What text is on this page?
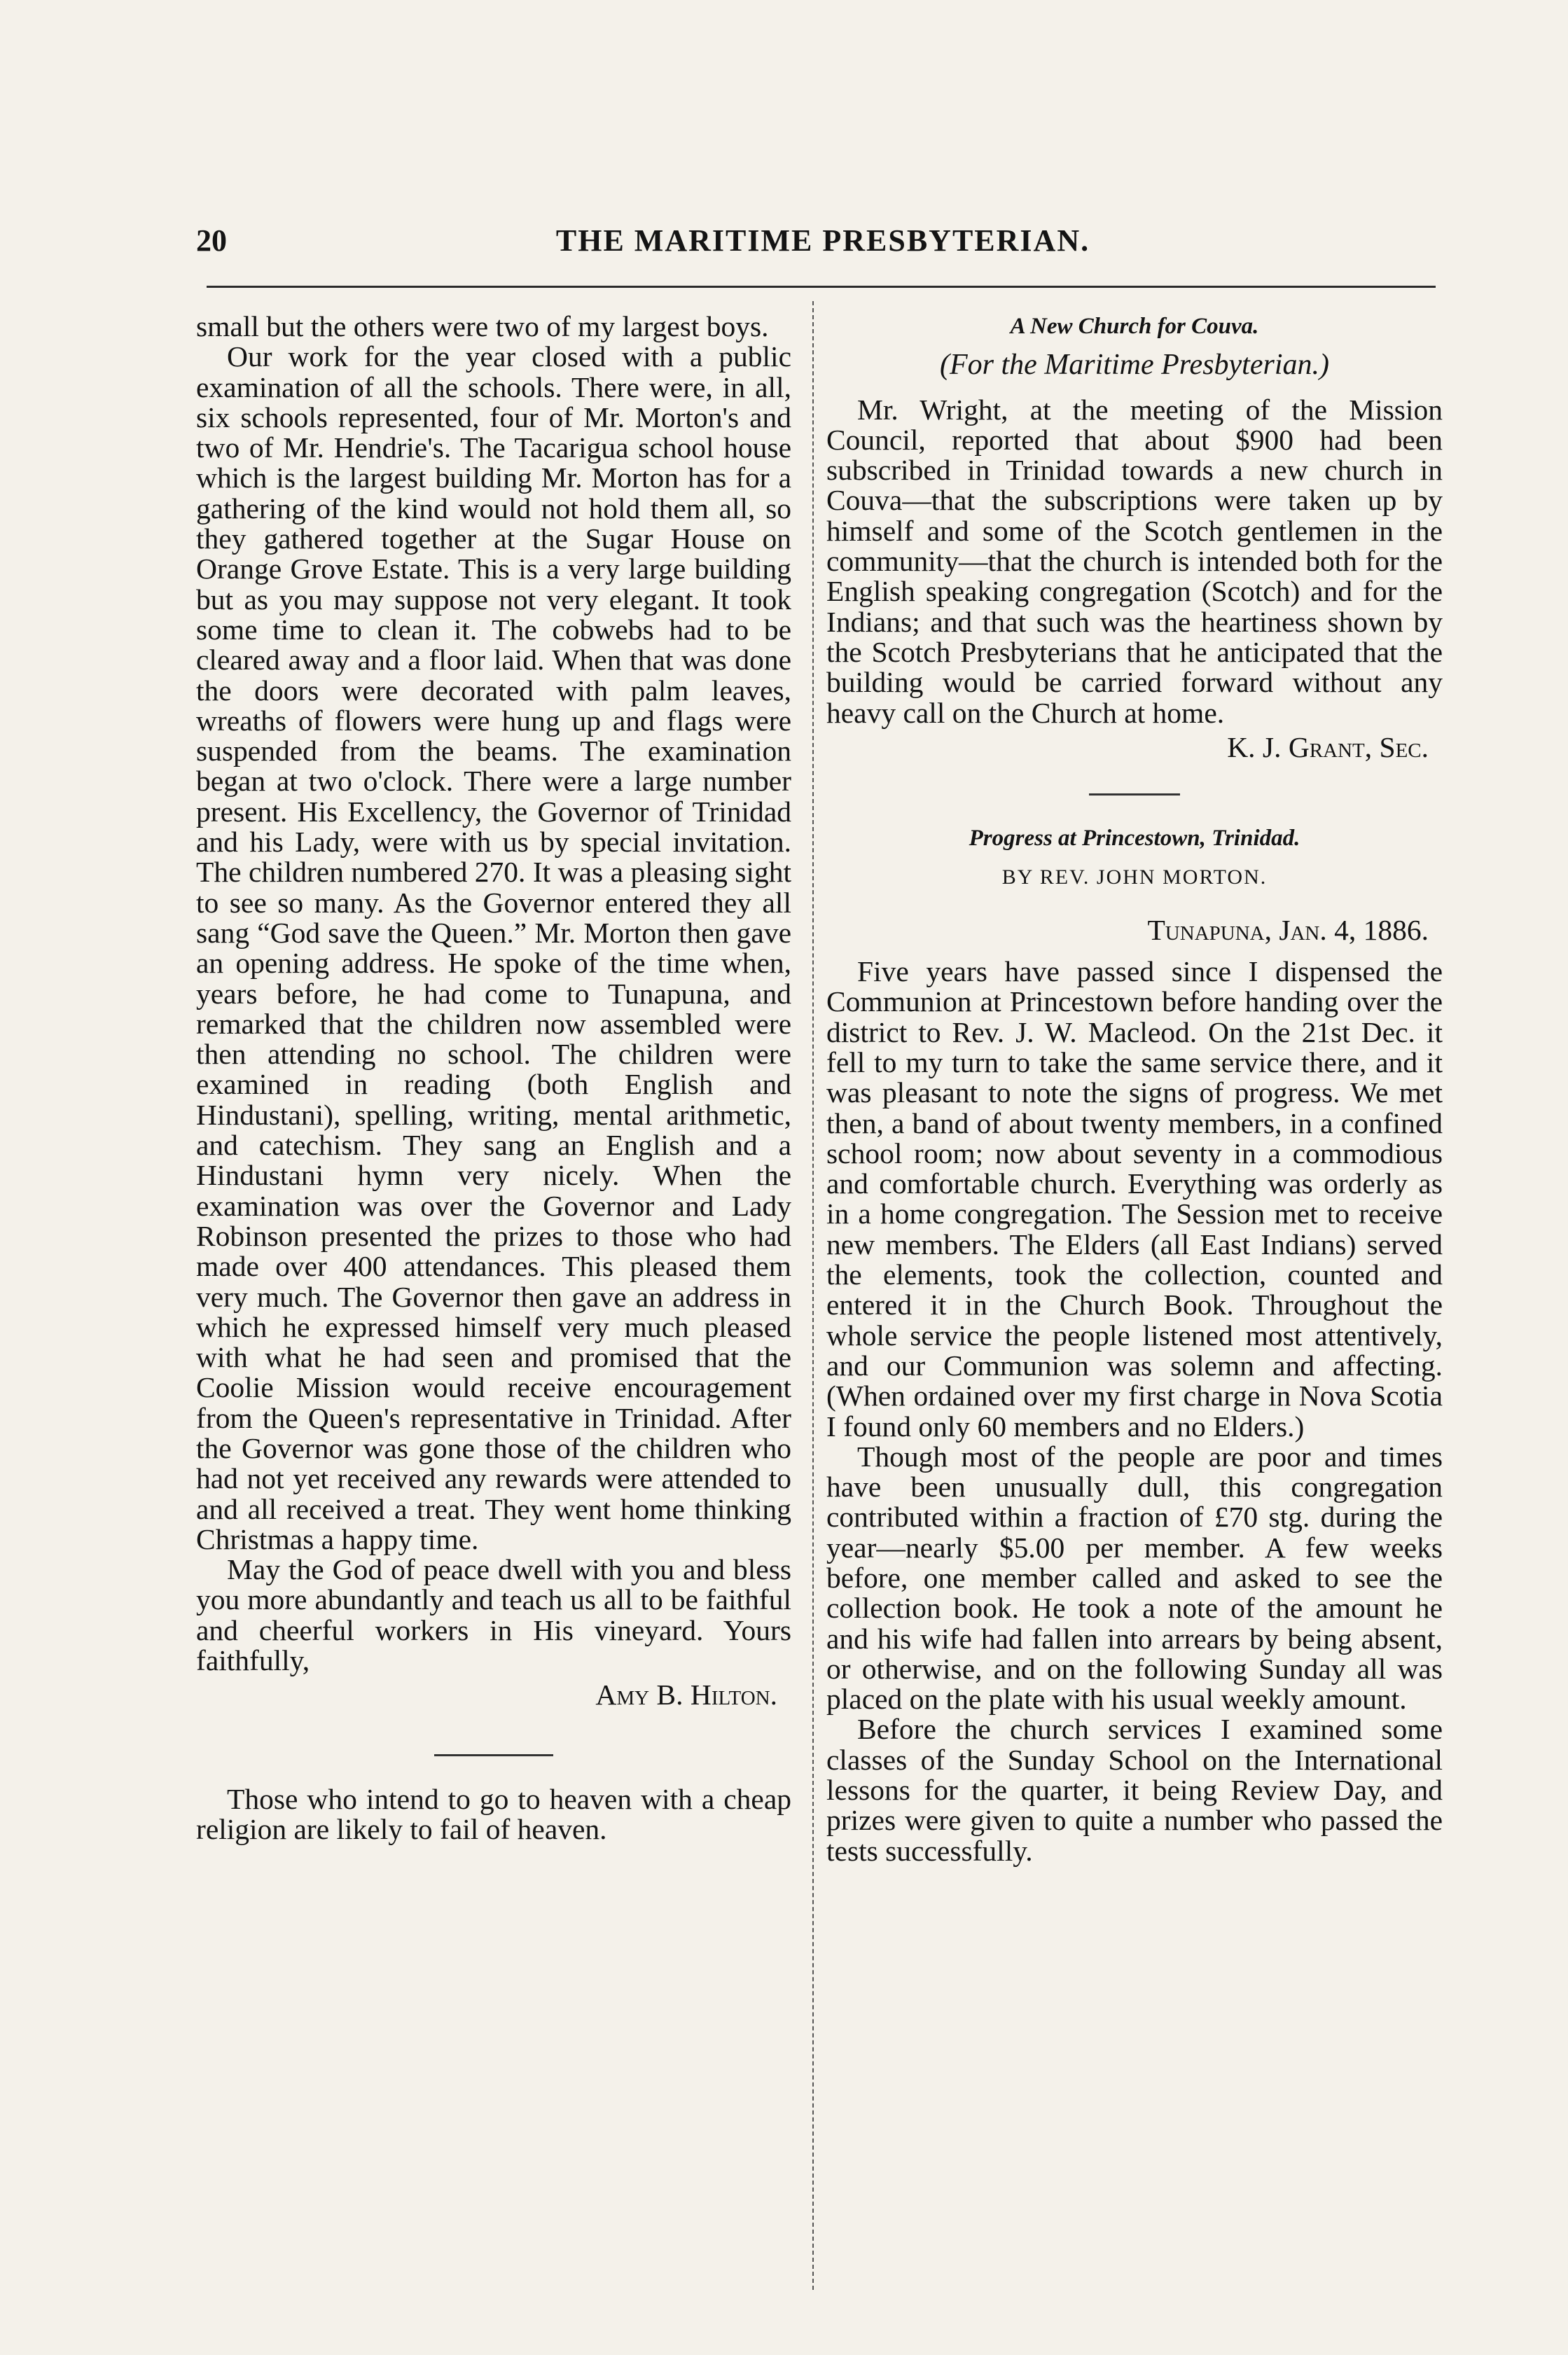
20	THE MARITIME PRESBYTERIAN.

small but the others were two of my largest boys.

Our work for the year closed with a public examination of all the schools. There were, in all, six schools represented, four of Mr. Morton's and two of Mr. Hendrie's. The Tacarigua school house which is the largest building Mr. Morton has for a gathering of the kind would not hold them all, so they gathered together at the Sugar House on Orange Grove Estate. This is a very large building but as you may suppose not very elegant. It took some time to clean it. The cobwebs had to be cleared away and a floor laid. When that was done the doors were decorated with palm leaves, wreaths of flowers were hung up and flags were suspended from the beams. The examination began at two o'clock. There were a large number present. His Excellency, the Governor of Trinidad and his Lady, were with us by special invitation. The children numbered 270. It was a pleasing sight to see so many. As the Governor entered they all sang “God save the Queen.” Mr. Morton then gave an opening address. He spoke of the time when, years before, he had come to Tunapuna, and remarked that the children now assembled were then attending no school. The children were examined in reading (both English and Hindustani), spelling, writing, mental arithmetic, and catechism. They sang an English and a Hindustani hymn very nicely. When the examination was over the Governor and Lady Robinson presented the prizes to those who had made over 400 attendances. This pleased them very much. The Governor then gave an address in which he expressed himself very much pleased with what he had seen and promised that the Coolie Mission would receive encouragement from the Queen's representative in Trinidad. After the Governor was gone those of the children who had not yet received any rewards were attended to and all received a treat. They went home thinking Christmas a happy time.

May the God of peace dwell with you and bless you more abundantly and teach us all to be faithful and cheerful workers in His vineyard. Yours faithfully,

Amy B. Hilton.

Those who intend to go to heaven with a cheap religion are likely to fail of heaven.

A New Church for Couva.

(For the Maritime Presbyterian.)

Mr. Wright, at the meeting of the Mission Council, reported that about $900 had been subscribed in Trinidad towards a new church in Couva—that the subscriptions were taken up by himself and some of the Scotch gentlemen in the community—that the church is intended both for the English speaking congregation (Scotch) and for the Indians; and that such was the heartiness shown by the Scotch Presbyterians that he anticipated that the building would be carried forward without any heavy call on the Church at home.

K. J. Grant, Sec.

Progress at Princestown, Trinidad.

BY REV. JOHN MORTON.

Tunapuna, Jan. 4, 1886.

Five years have passed since I dispensed the Communion at Princestown before handing over the district to Rev. J. W. Macleod. On the 21st Dec. it fell to my turn to take the same service there, and it was pleasant to note the signs of progress. We met then, a band of about twenty members, in a confined school room; now about seventy in a commodious and comfortable church. Everything was orderly as in a home congregation. The Session met to receive new members. The Elders (all East Indians) served the elements, took the collection, counted and entered it in the Church Book. Throughout the whole service the people listened most attentively, and our Communion was solemn and affecting. (When ordained over my first charge in Nova Scotia I found only 60 members and no Elders.)

Though most of the people are poor and times have been unusually dull, this congregation contributed within a fraction of £70 stg. during the year—nearly $5.00 per member. A few weeks before, one member called and asked to see the collection book. He took a note of the amount he and his wife had fallen into arrears by being absent, or otherwise, and on the following Sunday all was placed on the plate with his usual weekly amount.

Before the church services I examined some classes of the Sunday School on the International lessons for the quarter, it being Review Day, and prizes were given to quite a number who passed the tests successfully.
